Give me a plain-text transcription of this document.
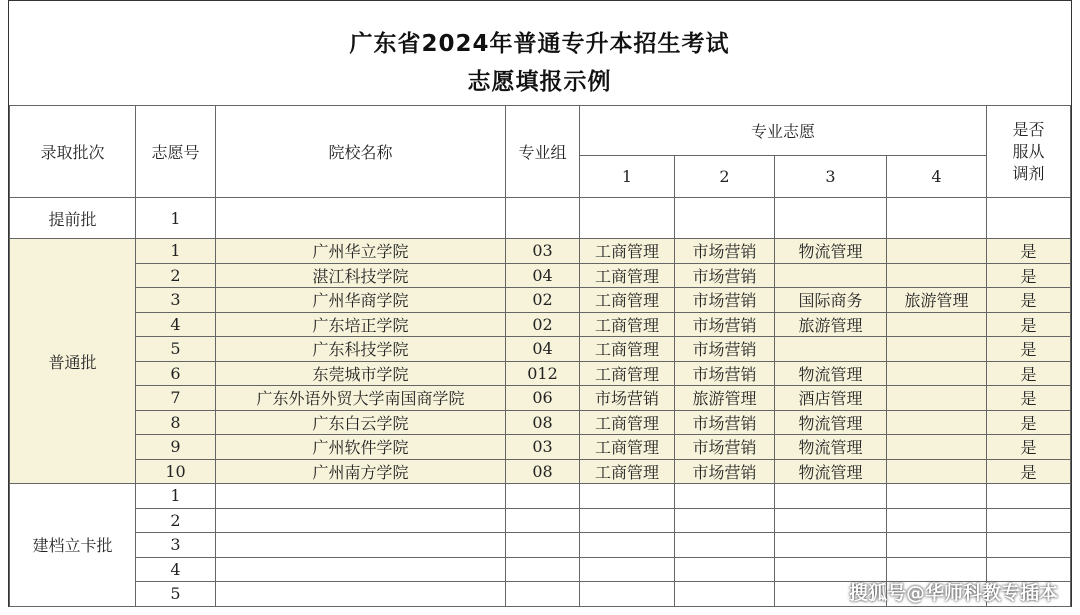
广东省2024年普通专升本招生考试
志愿填报示例
录取批次	志愿号	院校名称	专业组	专业志愿				是否服从调剂
				1	2	3	4	
提前批	1							
普通批	1	广州华立学院	03	工商管理	市场营销	物流管理		是
	2	湛江科技学院	04	工商管理	市场营销			是
	3	广州华商学院	02	工商管理	市场营销	国际商务	旅游管理	是
	4	广东培正学院	02	工商管理	市场营销	旅游管理		是
	5	广东科技学院	04	工商管理	市场营销			是
	6	东莞城市学院	012	工商管理	市场营销	物流管理		是
	7	广东外语外贸大学南国商学院	06	市场营销	旅游管理	酒店管理		是
	8	广东白云学院	08	工商管理	市场营销	物流管理		是
	9	广州软件学院	03	工商管理	市场营销	物流管理		是
	10	广州南方学院	08	工商管理	市场营销	物流管理		是
建档立卡批	1							
	2							
	3							
	4							
	5								搜狐号@华师科教专插本
